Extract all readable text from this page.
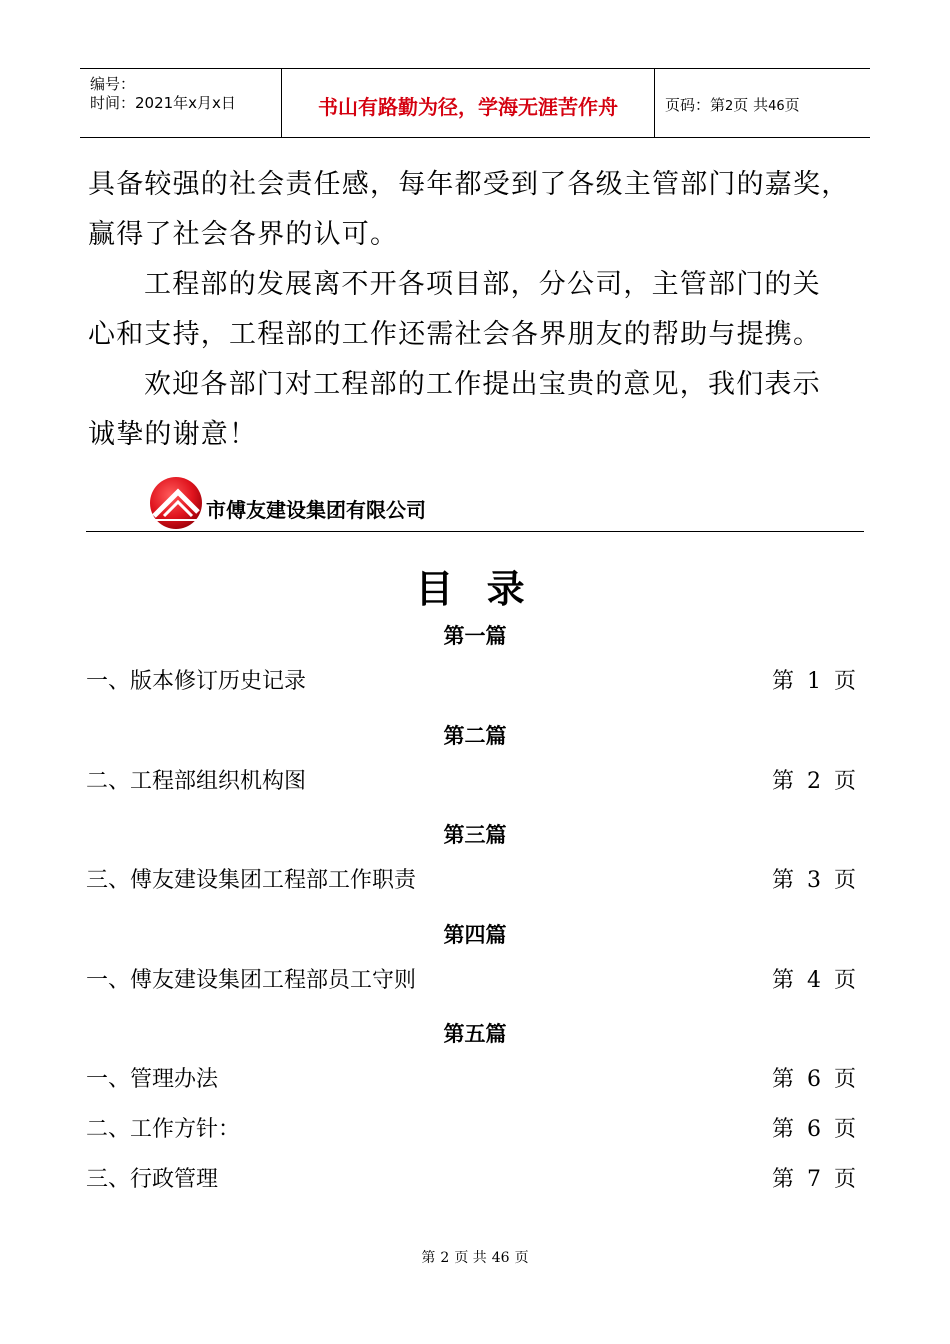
编号：
时间：2021年x月x日	书山有路勤为径，学海无涯苦作舟	页码：第2页 共46页
具备较强的社会责任感，每年都受到了各级主管部门的嘉奖，
赢得了社会各界的认可。
工程部的发展离不开各项目部，分公司，主管部门的关
心和支持，工程部的工作还需社会各界朋友的帮助与提携。
欢迎各部门对工程部的工作提出宝贵的意见，我们表示
诚挚的谢意！
市傅友建设集团有限公司
目 录
第一篇
一、版本修订历史记录	第 1 页
第二篇
二、工程部组织机构图	第 2 页
第三篇
三、傅友建设集团工程部工作职责	第 3 页
第四篇
一、傅友建设集团工程部员工守则	第 4 页
第五篇
一、管理办法	第 6 页
二、工作方针：	第 6 页
三、行政管理	第 7 页
第 2 页 共 46 页
